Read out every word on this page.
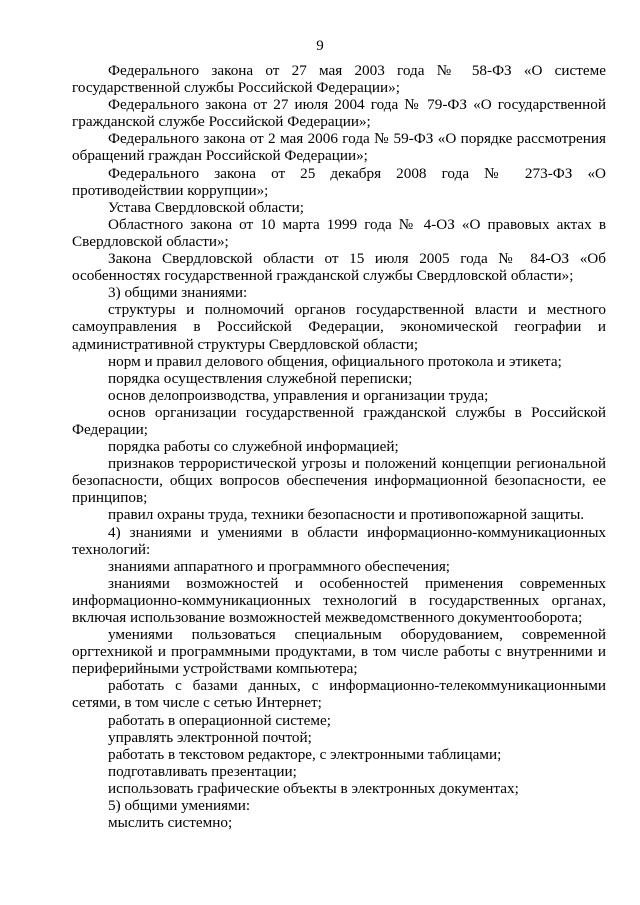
9

Федерального закона от 27 мая 2003 года № 58-ФЗ «О системе государственной службы Российской Федерации»;

Федерального закона от 27 июля 2004 года № 79-ФЗ «О государственной гражданской службе Российской Федерации»;

Федерального закона от 2 мая 2006 года № 59-ФЗ «О порядке рассмотрения обращений граждан Российской Федерации»;

Федерального закона от 25 декабря 2008 года № 273-ФЗ «О противодействии коррупции»;

Устава Свердловской области;

Областного закона от 10 марта 1999 года № 4-ОЗ «О правовых актах в Свердловской области»;

Закона Свердловской области от 15 июля 2005 года № 84-ОЗ «Об особенностях государственной гражданской службы Свердловской области»;

3) общими знаниями:

структуры и полномочий органов государственной власти и местного самоуправления в Российской Федерации, экономической географии и административной структуры Свердловской области;

норм и правил делового общения, официального протокола и этикета;

порядка осуществления служебной переписки;

основ делопроизводства, управления и организации труда;

основ организации государственной гражданской службы в Российской Федерации;

порядка работы со служебной информацией;

признаков террористической угрозы и положений концепции региональной безопасности, общих вопросов обеспечения информационной безопасности, ее принципов;

правил охраны труда, техники безопасности и противопожарной защиты.

4) знаниями и умениями в области информационно-коммуникационных технологий:

знаниями аппаратного и программного обеспечения;

знаниями возможностей и особенностей применения современных информационно-коммуникационных технологий в государственных органах, включая использование возможностей межведомственного документооборота;

умениями пользоваться специальным оборудованием, современной оргтехникой и программными продуктами, в том числе работы с внутренними и периферийными устройствами компьютера;

работать с базами данных, с информационно-телекоммуникационными сетями, в том числе с сетью Интернет;

работать в операционной системе;

управлять электронной почтой;

работать в текстовом редакторе, с электронными таблицами;

подготавливать презентации;

использовать графические объекты в электронных документах;

5) общими умениями:

мыслить системно;
